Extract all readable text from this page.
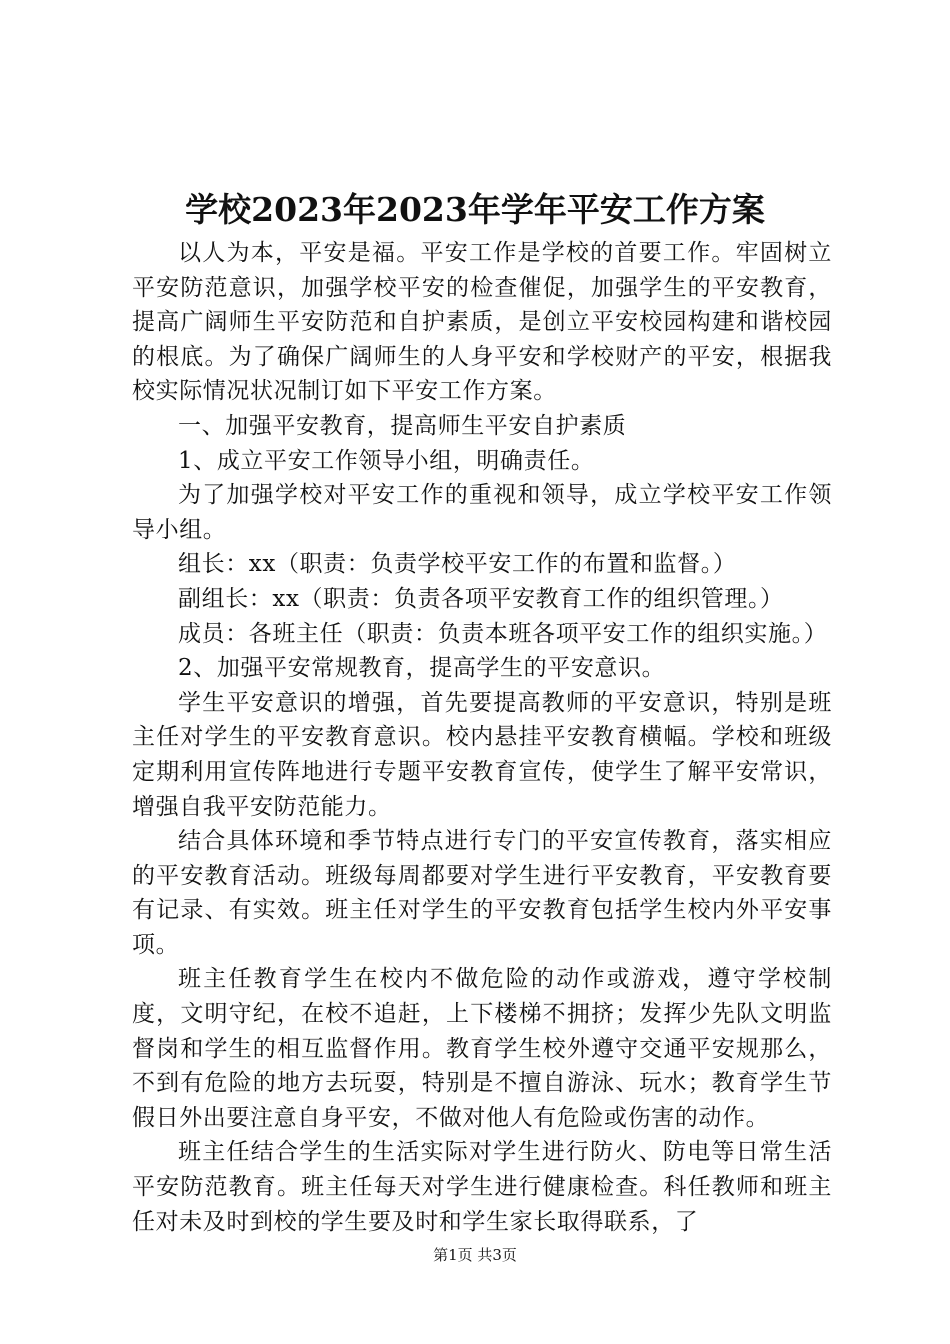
学校2023年2023年学年平安工作方案

以人为本，平安是福。平安工作是学校的首要工作。牢固树立平安防范意识，加强学校平安的检查催促，加强学生的平安教育，提高广阔师生平安防范和自护素质，是创立平安校园构建和谐校园的根底。为了确保广阔师生的人身平安和学校财产的平安，根据我校实际情况状况制订如下平安工作方案。

一、加强平安教育，提高师生平安自护素质

1、成立平安工作领导小组，明确责任。

为了加强学校对平安工作的重视和领导，成立学校平安工作领导小组。

组长：xx（职责：负责学校平安工作的布置和监督。）

副组长：xx（职责：负责各项平安教育工作的组织管理。）

成员：各班主任（职责：负责本班各项平安工作的组织实施。）

2、加强平安常规教育，提高学生的平安意识。

学生平安意识的增强，首先要提高教师的平安意识，特别是班主任对学生的平安教育意识。校内悬挂平安教育横幅。学校和班级定期利用宣传阵地进行专题平安教育宣传，使学生了解平安常识，增强自我平安防范能力。

结合具体环境和季节特点进行专门的平安宣传教育，落实相应的平安教育活动。班级每周都要对学生进行平安教育，平安教育要有记录、有实效。班主任对学生的平安教育包括学生校内外平安事项。

班主任教育学生在校内不做危险的动作或游戏，遵守学校制度，文明守纪，在校不追赶，上下楼梯不拥挤；发挥少先队文明监督岗和学生的相互监督作用。教育学生校外遵守交通平安规那么，不到有危险的地方去玩耍，特别是不擅自游泳、玩水；教育学生节假日外出要注意自身平安，不做对他人有危险或伤害的动作。

班主任结合学生的生活实际对学生进行防火、防电等日常生活平安防范教育。班主任每天对学生进行健康检查。科任教师和班主任对未及时到校的学生要及时和学生家长取得联系，了

第1页 共3页
